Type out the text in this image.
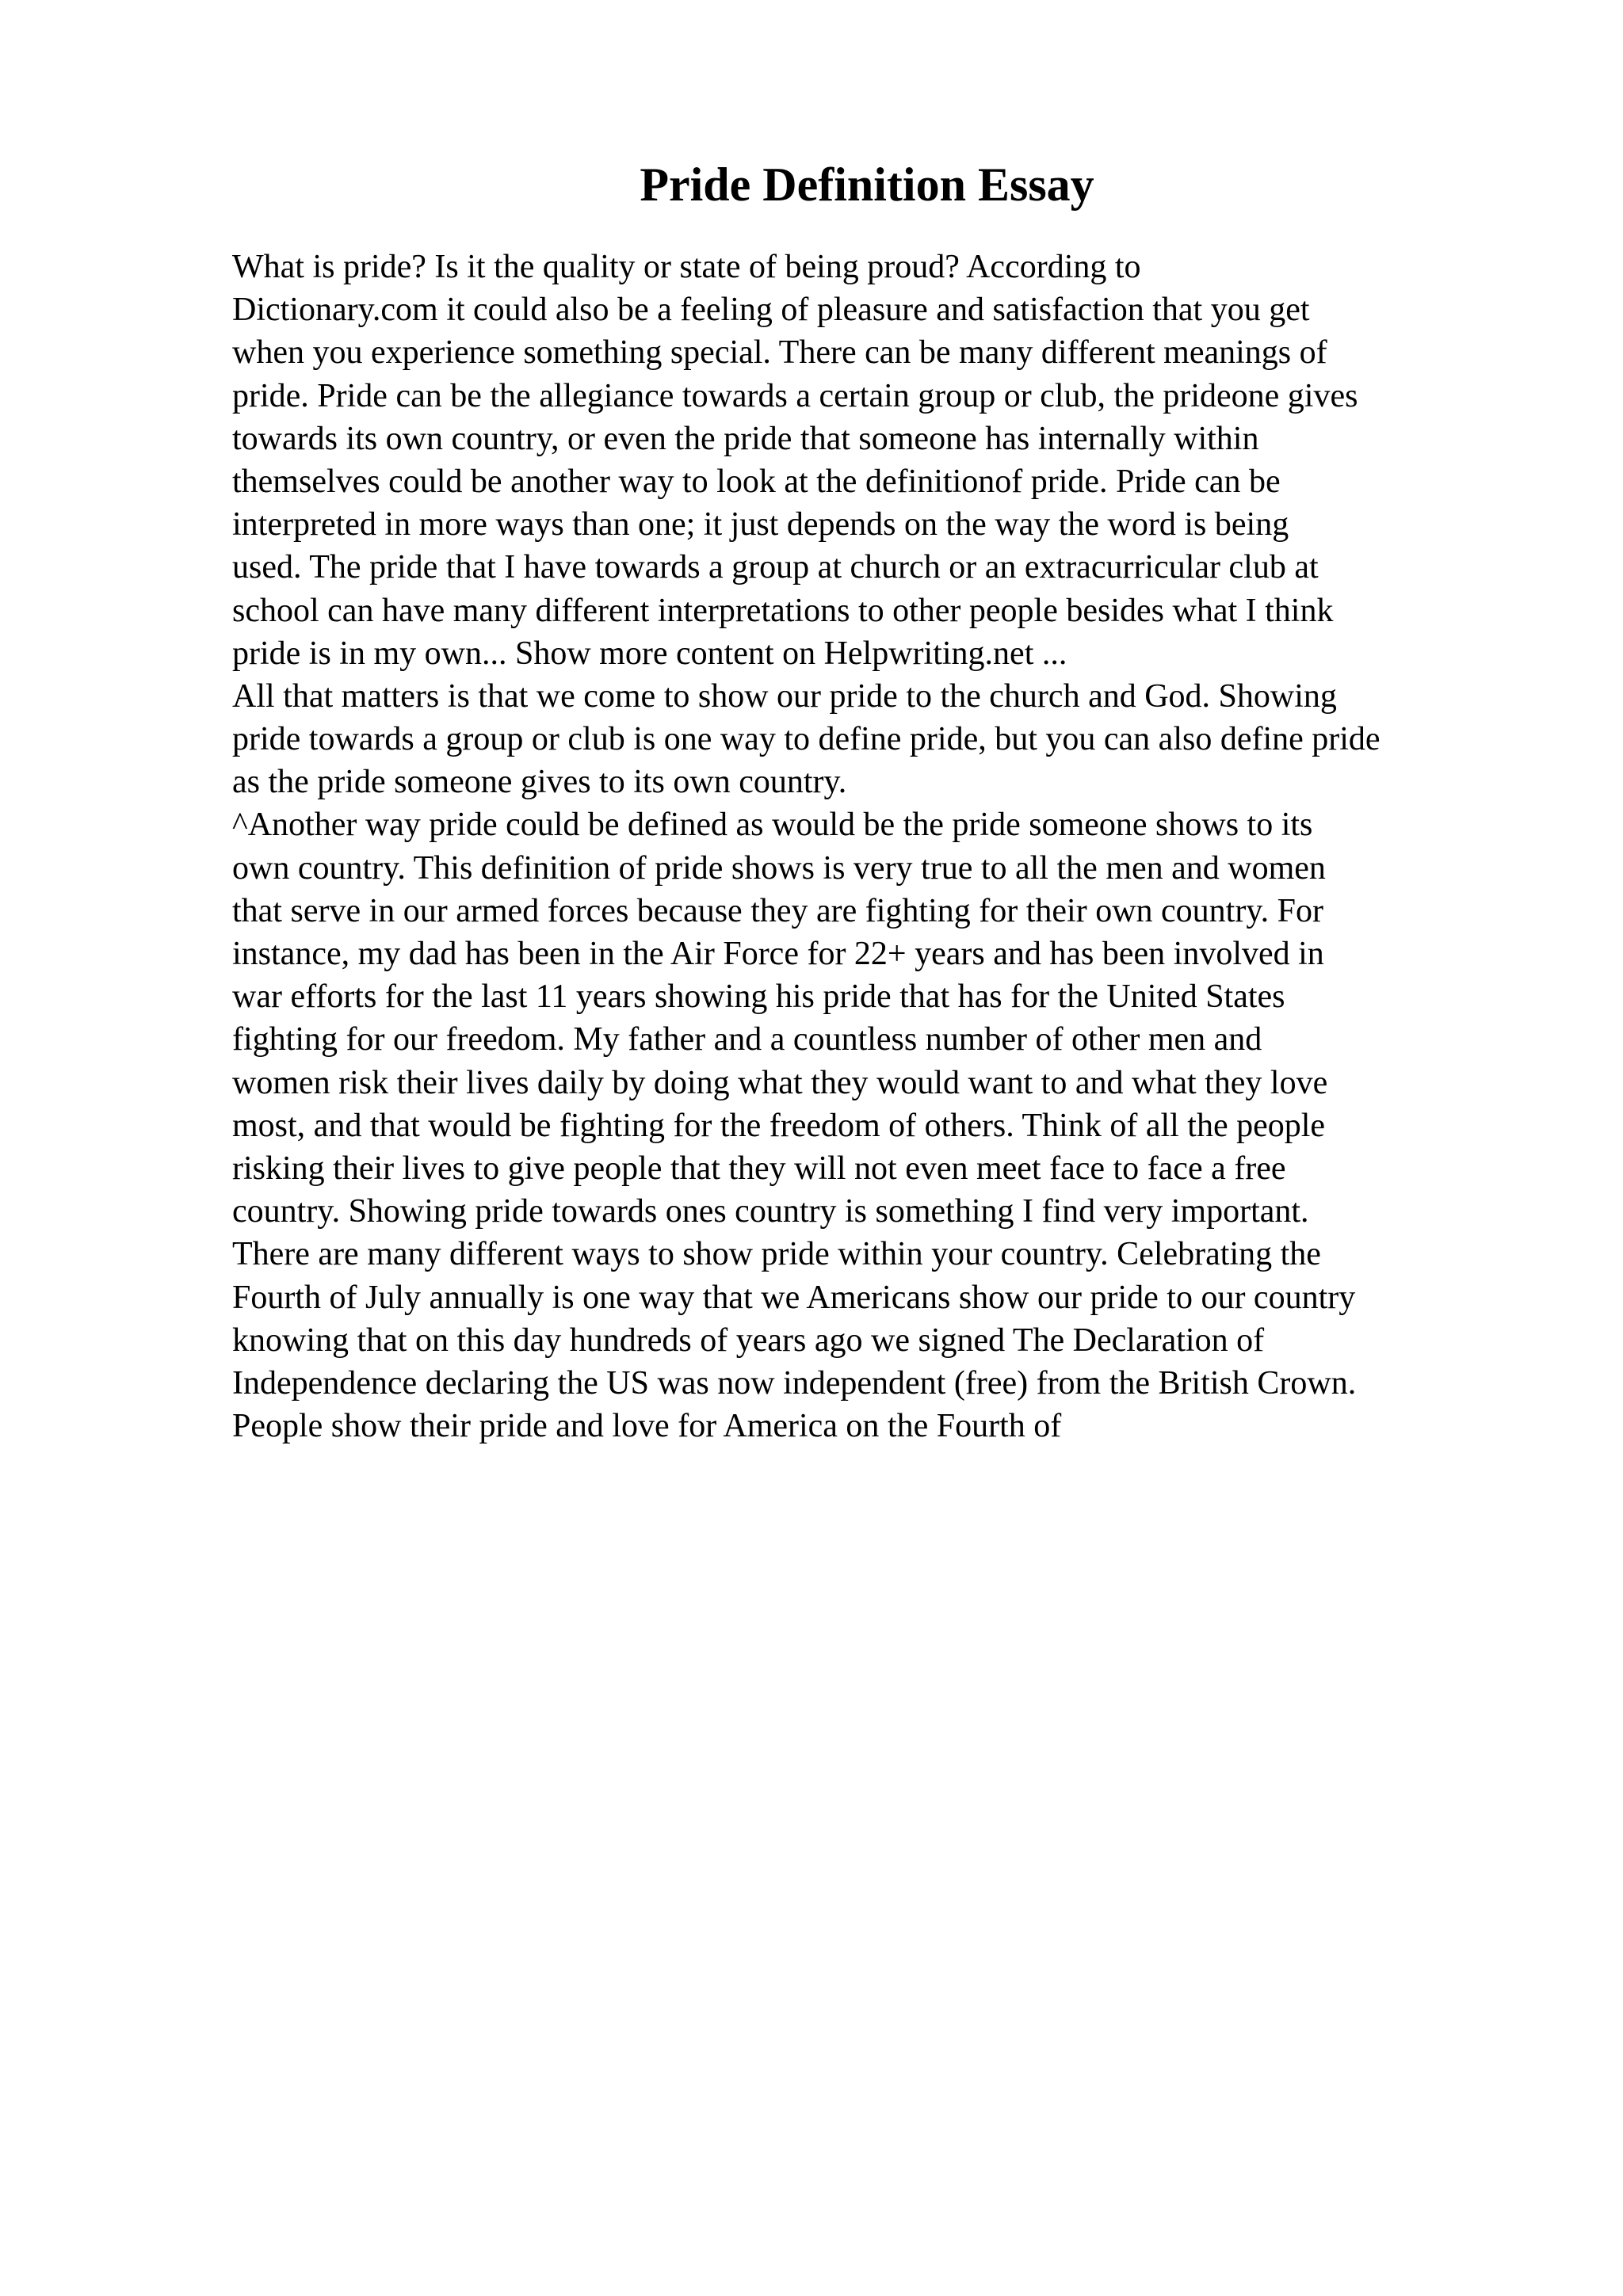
Pride Definition Essay
What is pride? Is it the quality or state of being proud? According to
Dictionary.com it could also be a feeling of pleasure and satisfaction that you get
when you experience something special. There can be many different meanings of
pride. Pride can be the allegiance towards a certain group or club, the prideone gives
towards its own country, or even the pride that someone has internally within
themselves could be another way to look at the definitionof pride. Pride can be
interpreted in more ways than one; it just depends on the way the word is being
used. The pride that I have towards a group at church or an extracurricular club at
school can have many different interpretations to other people besides what I think
pride is in my own... Show more content on Helpwriting.net ...
All that matters is that we come to show our pride to the church and God. Showing
pride towards a group or club is one way to define pride, but you can also define pride
as the pride someone gives to its own country.
^Another way pride could be defined as would be the pride someone shows to its
own country. This definition of pride shows is very true to all the men and women
that serve in our armed forces because they are fighting for their own country. For
instance, my dad has been in the Air Force for 22+ years and has been involved in
war efforts for the last 11 years showing his pride that has for the United States
fighting for our freedom. My father and a countless number of other men and
women risk their lives daily by doing what they would want to and what they love
most, and that would be fighting for the freedom of others. Think of all the people
risking their lives to give people that they will not even meet face to face a free
country. Showing pride towards ones country is something I find very important.
There are many different ways to show pride within your country. Celebrating the
Fourth of July annually is one way that we Americans show our pride to our country
knowing that on this day hundreds of years ago we signed The Declaration of
Independence declaring the US was now independent (free) from the British Crown.
People show their pride and love for America on the Fourth of
